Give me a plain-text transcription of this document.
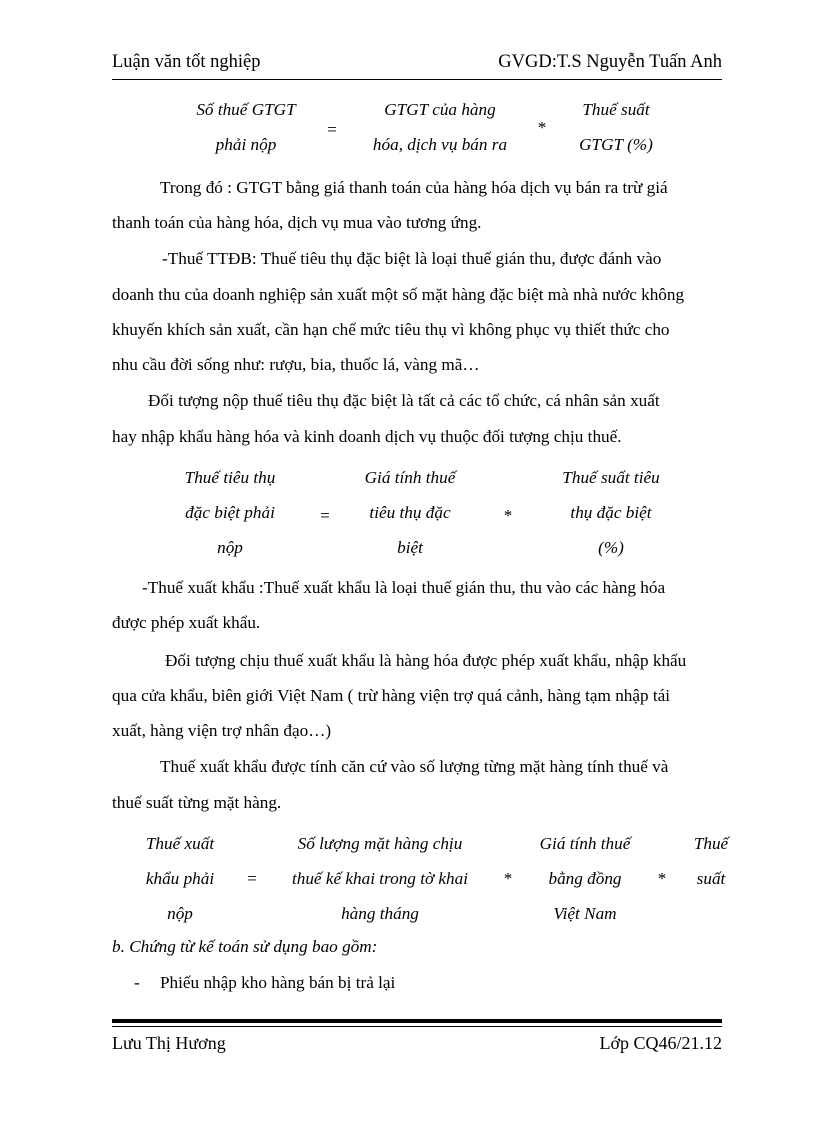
Luận văn tốt nghiệp	GVGD:T.S Nguyễn Tuấn Anh
Số thuế GTGT
phải nộp
=
GTGT của hàng
hóa, dịch vụ bán ra
*
Thuế suất
GTGT (%)
Trong đó : GTGT bằng giá thanh toán của hàng hóa dịch vụ bán ra trừ giá
thanh toán của hàng hóa, dịch vụ mua vào tương ứng.
-Thuế TTĐB: Thuế tiêu thụ đặc biệt là loại thuế gián thu, được đánh vào
doanh thu của doanh nghiệp sản xuất một số mặt hàng đặc biệt mà nhà nước không
khuyến khích sản xuất, cần hạn chế mức tiêu thụ vì không phục vụ thiết thức cho
nhu cầu đời sống như: rượu, bia, thuốc lá, vàng mã…
Đối tượng nộp thuế tiêu thụ đặc biệt là tất cả các tổ chức, cá nhân sản xuất
hay nhập khẩu hàng hóa và kinh doanh dịch vụ thuộc đối tượng chịu thuế.
Thuế tiêu thụ
đặc biệt phải
nộp
=
Giá tính thuế
tiêu thụ đặc
biệt
*
Thuế suất tiêu
thụ đặc biệt
(%)
-Thuế xuất khẩu :Thuế xuất khẩu là loại thuế gián thu, thu vào các hàng hóa
được phép xuất khẩu.
Đối tượng chịu thuế xuất khẩu là hàng hóa được phép xuất khẩu, nhập khẩu
qua cửa khẩu, biên giới Việt Nam ( trừ hàng viện trợ quá cảnh, hàng tạm nhập tái
xuất, hàng viện trợ nhân đạo…)
Thuế xuất khẩu được tính căn cứ vào số lượng từng mặt hàng tính thuế và
thuế suất từng mặt hàng.
Thuế xuất
khẩu phải
nộp
=
Số lượng mặt hàng chịu
thuế kế khai trong tờ khai
hàng tháng
*
Giá tính thuế
bằng đồng
Việt Nam
*
Thuế
suất
b. Chứng từ kế toán sử dụng bao gồm:
- Phiếu nhập kho hàng bán bị trả lại
Lưu Thị Hương	Lớp CQ46/21.12
